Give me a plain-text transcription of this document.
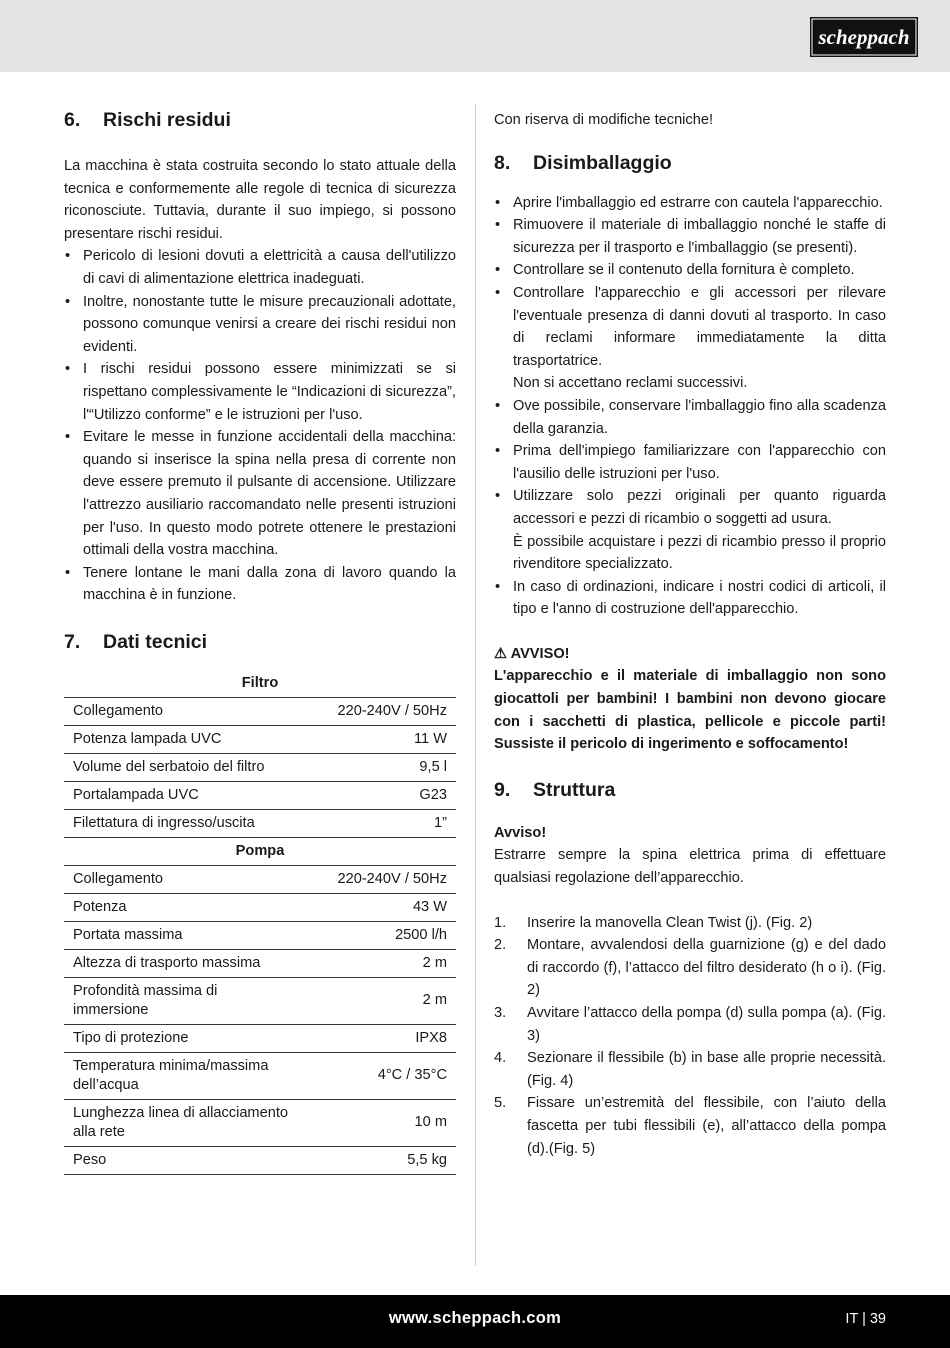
scheppach
6. Rischi residui

La macchina è stata costruita secondo lo stato attuale della tecnica e conformemente alle regole di tecnica di sicurezza riconosciute. Tuttavia, durante il suo impiego, si possono presentare rischi residui.

• Pericolo di lesioni dovuti a elettricità a causa dell'utilizzo di cavi di alimentazione elettrica inadeguati.
• Inoltre, nonostante tutte le misure precauzionali adottate, possono comunque venirsi a creare dei rischi residui non evidenti.
• I rischi residui possono essere minimizzati se si rispettano complessivamente le “Indicazioni di sicurezza”, l'“Utilizzo conforme” e le istruzioni per l'uso.
• Evitare le messe in funzione accidentali della macchina: quando si inserisce la spina nella presa di corrente non deve essere premuto il pulsante di accensione. Utilizzare l'attrezzo ausiliario raccomandato nelle presenti istruzioni per l'uso. In questo modo potrete ottenere le prestazioni ottimali della vostra macchina.
• Tenere lontane le mani dalla zona di lavoro quando la macchina è in funzione.
7. Dati tecnici
Filtro	
Collegamento	220-240V / 50Hz
Potenza lampada UVC	11 W
Volume del serbatoio del filtro	9,5 l
Portalampada UVC	G23
Filettatura di ingresso/uscita	1”
Pompa	
Collegamento	220-240V / 50Hz
Potenza	43 W
Portata massima	2500 l/h
Altezza di trasporto massima	2 m
Profondità massima di immersione	2 m
Tipo di protezione	IPX8
Temperatura minima/massima dell’acqua	4°C / 35°C
Lunghezza linea di allacciamento alla rete	10 m
Peso	5,5 kg

Con riserva di modifiche tecniche!

8. Disimballaggio
• Aprire l'imballaggio ed estrarre con cautela l'apparecchio.
• Rimuovere il materiale di imballaggio nonché le staffe di sicurezza per il trasporto e l'imballaggio (se presenti).
• Controllare se il contenuto della fornitura è completo.
• Controllare l'apparecchio e gli accessori per rilevare l'eventuale presenza di danni dovuti al trasporto. In caso di reclami informare immediatamente la ditta trasportatrice.
Non si accettano reclami successivi.
• Ove possibile, conservare l'imballaggio fino alla scadenza della garanzia.
• Prima dell'impiego familiarizzare con l'apparecchio con l'ausilio delle istruzioni per l'uso.
• Utilizzare solo pezzi originali per quanto riguarda accessori e pezzi di ricambio o soggetti ad usura.
È possibile acquistare i pezzi di ricambio presso il proprio rivenditore specializzato.
• In caso di ordinazioni, indicare i nostri codici di articoli, il tipo e l'anno di costruzione dell'apparecchio.

⚠ AVVISO!

L'apparecchio e il materiale di imballaggio non sono giocattoli per bambini! I bambini non devono giocare con i sacchetti di plastica, pellicole e piccole parti! Sussiste il pericolo di ingerimento e soffocamento!

9. Struttura

Avviso!

Estrarre sempre la spina elettrica prima di effettuare qualsiasi regolazione dell’apparecchio.

1. Inserire la manovella Clean Twist (j). (Fig. 2)
2. Montare, avvalendosi della guarnizione (g) e del dado di raccordo (f), l’attacco del filtro desiderato (h o i). (Fig. 2)
3. Avvitare l’attacco della pompa (d) sulla pompa (a). (Fig. 3)
4. Sezionare il flessibile (b) in base alle proprie necessità. (Fig. 4)
5. Fissare un’estremità del flessibile, con l’aiuto della fascetta per tubi flessibili (e), all’attacco della pompa (d).(Fig. 5)
www.scheppach.com	IT | 39
